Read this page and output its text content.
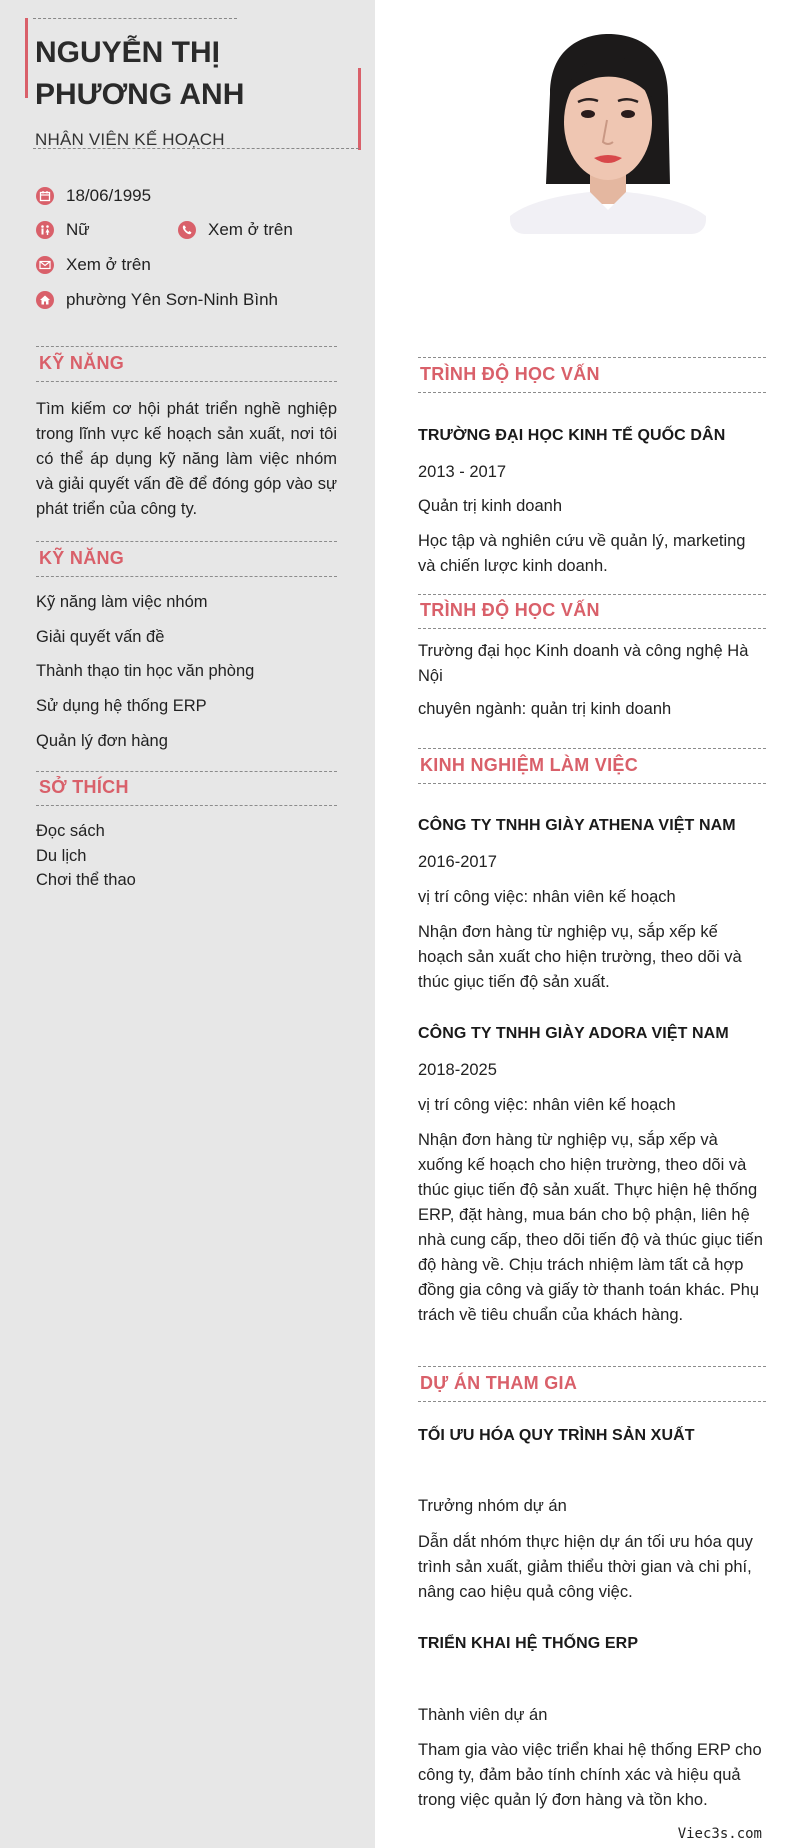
NGUYỄN THỊ
PHƯƠNG ANH
NHÂN VIÊN KẾ HOẠCH
18/06/1995
Nữ	Xem ở trên
Xem ở trên
phường Yên Sơn-Ninh Bình
KỸ NĂNG
Tìm kiếm cơ hội phát triển nghề nghiệp trong lĩnh vực kế hoạch sản xuất, nơi tôi có thể áp dụng kỹ năng làm việc nhóm và giải quyết vấn đề để đóng góp vào sự phát triển của công ty.
KỸ NĂNG
Kỹ năng làm việc nhóm
Giải quyết vấn đề
Thành thạo tin học văn phòng
Sử dụng hệ thống ERP
Quản lý đơn hàng
SỞ THÍCH
Đọc sách
Du lịch
Chơi thể thao
TRÌNH ĐỘ HỌC VẤN
TRƯỜNG ĐẠI HỌC KINH TẾ QUỐC DÂN
2013 - 2017
Quản trị kinh doanh
Học tập và nghiên cứu về quản lý, marketing và chiến lược kinh doanh.
TRÌNH ĐỘ HỌC VẤN
Trường đại học Kinh doanh và công nghệ Hà Nội
chuyên ngành: quản trị kinh doanh
KINH NGHIỆM LÀM VIỆC
CÔNG TY TNHH GIÀY ATHENA VIỆT NAM
2016-2017
vị trí công việc: nhân viên kế hoạch
Nhận đơn hàng từ nghiệp vụ, sắp xếp kế hoạch sản xuất cho hiện trường, theo dõi và thúc giục tiến độ sản xuất.
CÔNG TY TNHH GIÀY ADORA VIỆT NAM
2018-2025
vị trí công việc: nhân viên kế hoạch
Nhận đơn hàng từ nghiệp vụ, sắp xếp và xuống kế hoạch cho hiện trường, theo dõi và thúc giục tiến độ sản xuất. Thực hiện hệ thống ERP, đặt hàng, mua bán cho bộ phận, liên hệ nhà cung cấp, theo dõi tiến độ và thúc giục tiến độ hàng về. Chịu trách nhiệm làm tất cả hợp đồng gia công và giấy tờ thanh toán khác. Phụ trách về tiêu chuẩn của khách hàng.
DỰ ÁN THAM GIA
TỐI ƯU HÓA QUY TRÌNH SẢN XUẤT
Trưởng nhóm dự án
Dẫn dắt nhóm thực hiện dự án tối ưu hóa quy trình sản xuất, giảm thiểu thời gian và chi phí, nâng cao hiệu quả công việc.
TRIỂN KHAI HỆ THỐNG ERP
Thành viên dự án
Tham gia vào việc triển khai hệ thống ERP cho công ty, đảm bảo tính chính xác và hiệu quả trong việc quản lý đơn hàng và tồn kho.
Viec3s.com
